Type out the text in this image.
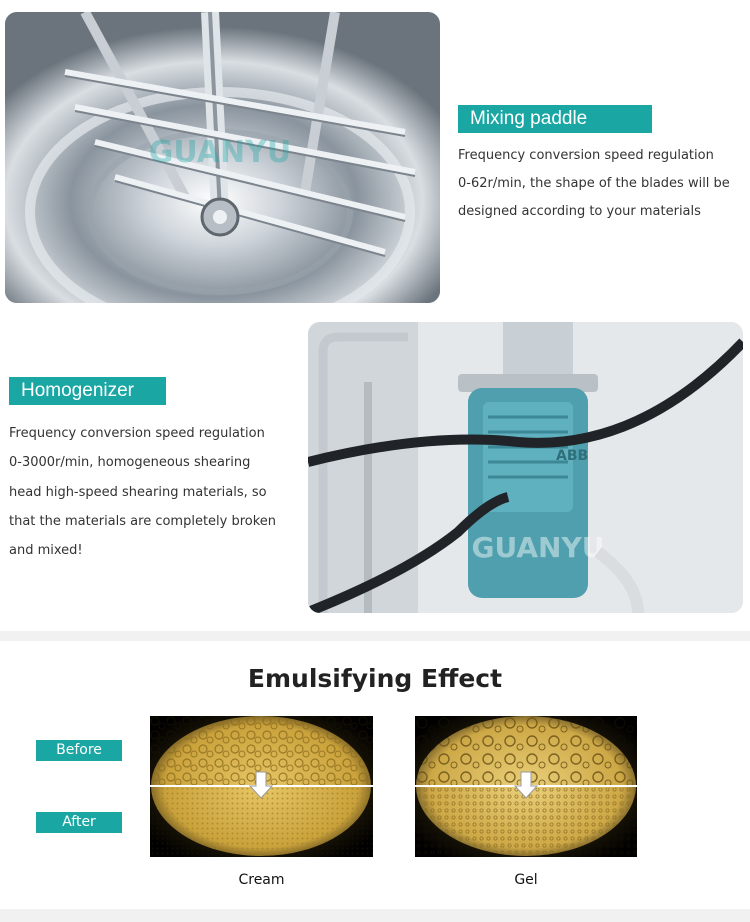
GUANYU
Mixing paddle
Frequency conversion speed regulation
0-62r/min, the shape of the blades will be
designed according to your materials
Homogenizer
Frequency conversion speed regulation
0-3000r/min, homogeneous shearing
head high-speed shearing materials, so
that the materials are completely broken
and mixed!
ABB
GUANYU
Emulsifying Effect
Before
After
Cream	Gel
